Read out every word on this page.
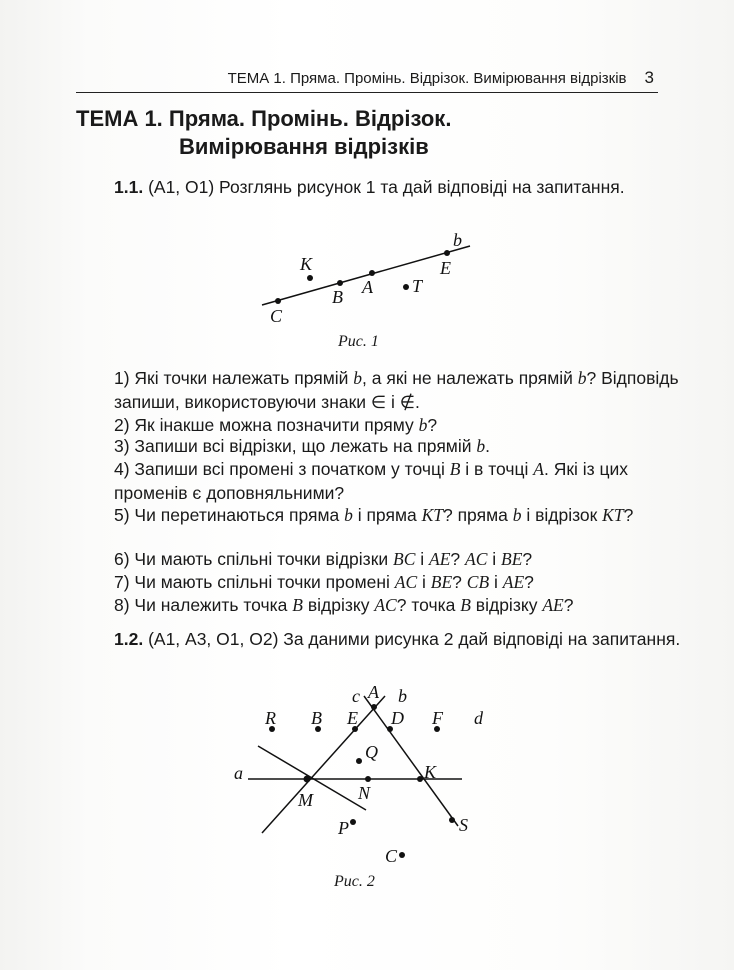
ТЕМА 1. Пряма. Промінь. Відрізок. Вимірювання відрізків 3
ТЕМА 1. Пряма. Промінь. Відрізок.
Вимірювання відрізків
1.1. (А1, О1) Розглянь рисунок 1 та дай відповіді на запитання.
b
K	E
A T
B
C
Рис. 1
1) Які точки належать прямій b, а які не належать прямій b? Відповідь запиши, використовуючи знаки ∈ і ∉.
2) Як інакше можна позначити пряму b?
3) Запиши всі відрізки, що лежать на прямій b.
4) Запиши всі промені з початком у точці B і в точці A. Які із цих променів є доповняльними?
5) Чи перетинаються пряма b і пряма KT? пряма b і відрізок KT?
6) Чи мають спільні точки відрізки BC і AE? AC і BE?
7) Чи мають спільні точки промені AC і BE? CB і AE?
8) Чи належить точка B відрізку AC? точка B відрізку AE?
1.2. (А1, А3, О1, О2) За даними рисунка 2 дай відповіді на запитання.
c A b
R B E D F d
Q
a	K
N
M
P	S
C
Рис. 2
